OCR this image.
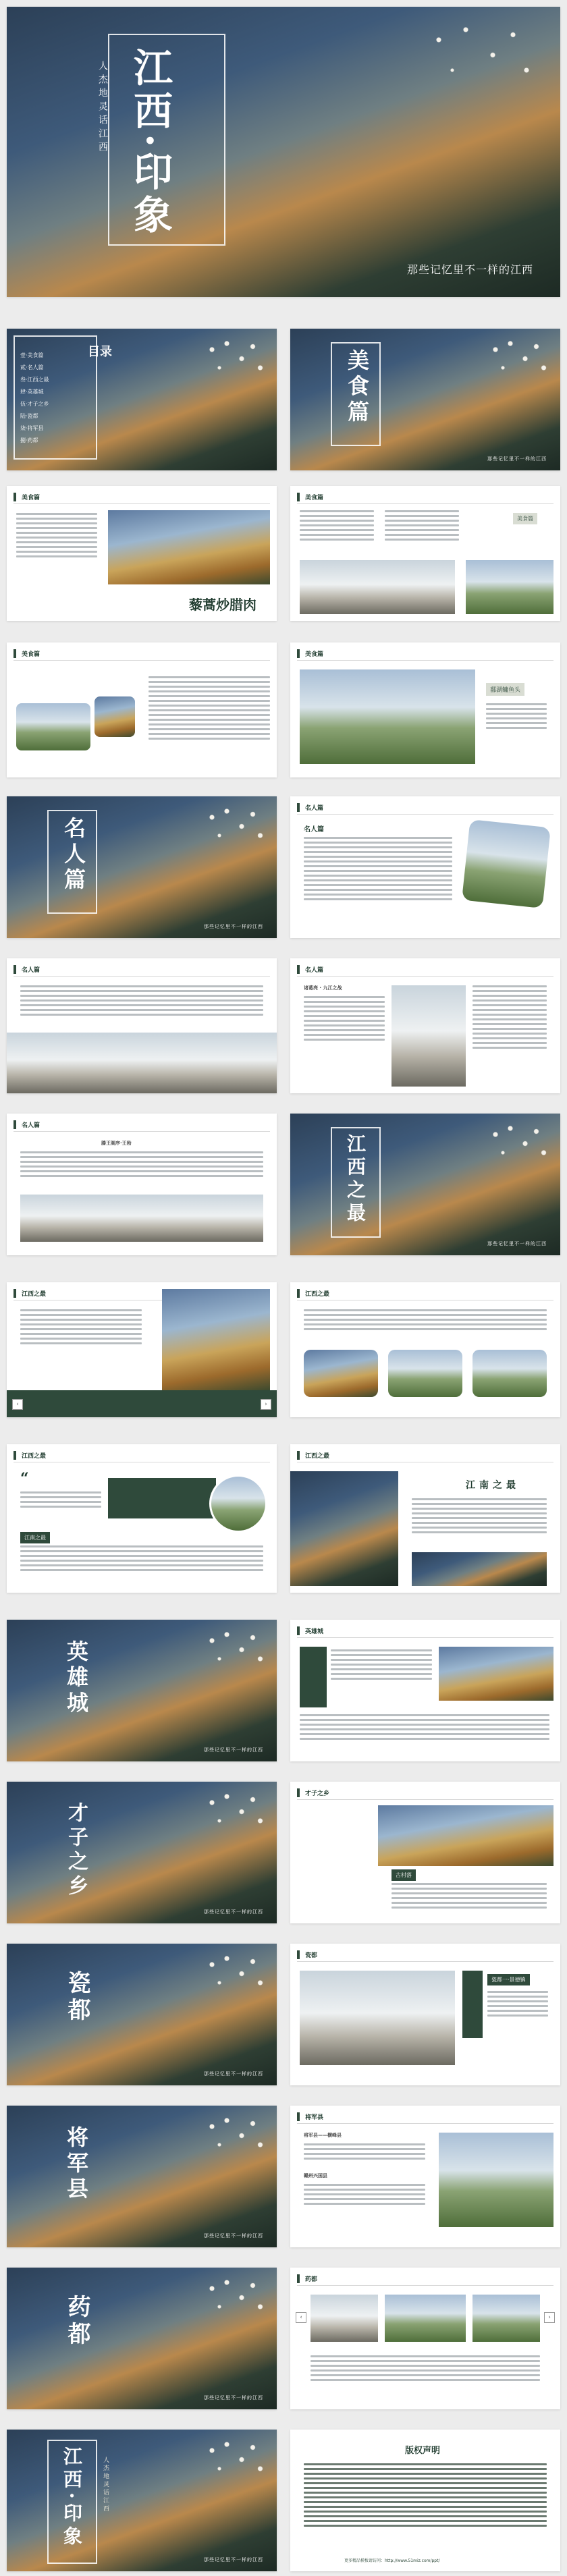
江西·印象
人杰地灵话江西
那些记忆里不一样的江西
目录
壹·美食篇
贰·名人篇
叁·江西之最
肆·英雄城
伍·才子之乡
陆·瓷都
柒·将军县
捌·药都
美食篇
那些记忆里不一样的江西
美食篇
藜蒿炒腊肉
美食篇
美食篇
美食篇	美食篇
鄱湖鳙鱼头
名人篇
那些记忆里不一样的江西
名人篇
名人篇
名人篇	名人篇
诸葛亮 · 九江之战
名人篇
滕王阁序·王勃	江西之最
那些记忆里不一样的江西
江西之最
‹	›
江西之最
江西之最
“
江南之最
江西之最
江南之最
英雄城
那些记忆里不一样的江西
英雄城
才子之乡
那些记忆里不一样的江西
才子之乡
古村落
瓷都
那些记忆里不一样的江西
瓷都
瓷都一·景德镇
将军县
那些记忆里不一样的江西
将军县
将军县——横峰县
赣州兴国县
药都
那些记忆里不一样的江西
药都
‹	›
江西·印象	人杰地灵话江西
那些记忆里不一样的江西
版权声明
更多精品模板请访问：http://www.51miz.com/ppt/
